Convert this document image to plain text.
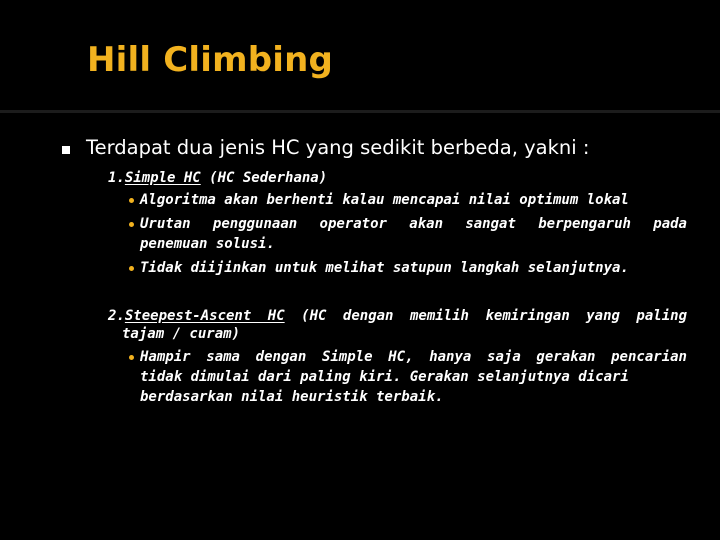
Hill Climbing
Terdapat dua jenis HC yang sedikit berbeda, yakni :
1.Simple HC (HC Sederhana)
Algoritma akan berhenti kalau mencapai nilai optimum lokal
Urutan penggunaan operator akan sangat berpengaruh pada
penemuan solusi.
Tidak diijinkan untuk melihat satupun langkah selanjutnya.
2.Steepest-Ascent HC (HC dengan memilih kemiringan yang paling
tajam / curam)
Hampir sama dengan Simple HC, hanya saja gerakan pencarian
tidak dimulai dari paling kiri. Gerakan selanjutnya dicari
berdasarkan nilai heuristik terbaik.
